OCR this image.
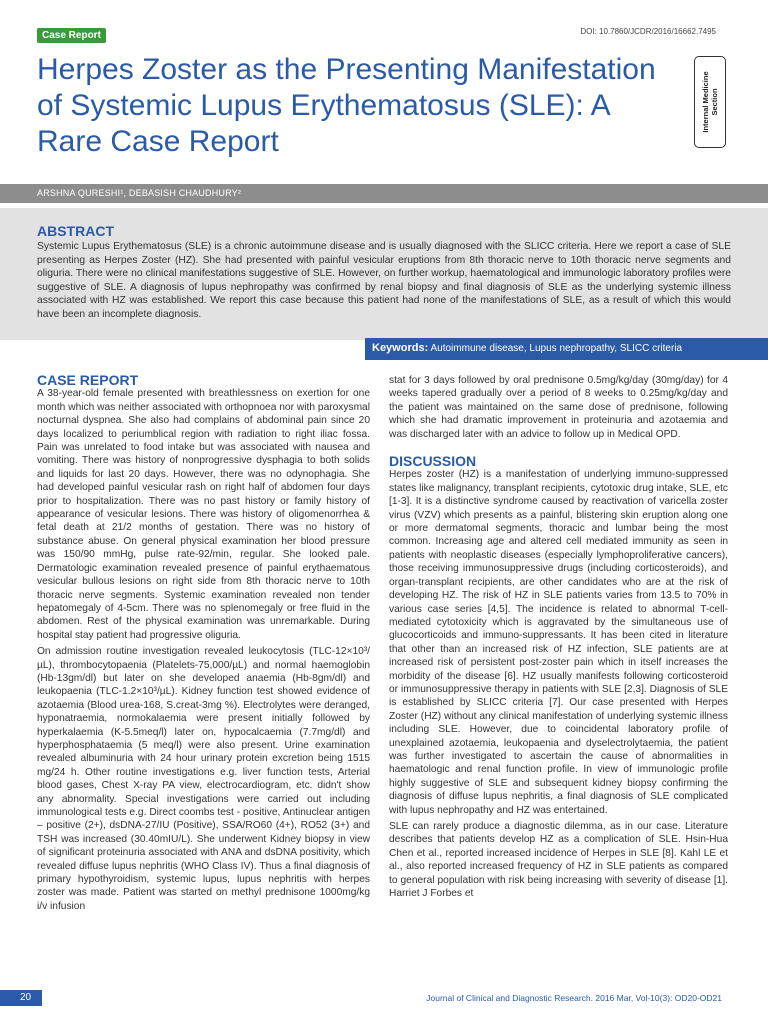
Case Report	DOI: 10.7860/JCDR/2016/16662.7495
Herpes Zoster as the Presenting Manifestation of Systemic Lupus Erythematosus (SLE): A Rare Case Report
Internal Medicine Section
ARSHNA QURESHI¹, DEBASISH CHAUDHURY²
ABSTRACT
Systemic Lupus Erythematosus (SLE) is a chronic autoimmune disease and is usually diagnosed with the SLICC criteria. Here we report a case of SLE presenting as Herpes Zoster (HZ). She had presented with painful vesicular eruptions from 8th thoracic nerve to 10th thoracic nerve segments and oliguria. There were no clinical manifestations suggestive of SLE. However, on further workup, haematological and immunologic laboratory profiles were suggestive of SLE. A diagnosis of lupus nephropathy was confirmed by renal biopsy and final diagnosis of SLE as the underlying systemic illness associated with HZ was established. We report this case because this patient had none of the manifestations of SLE, as a result of which this would have been an incomplete diagnosis.
Keywords: Autoimmune disease, Lupus nephropathy, SLICC criteria
CASE REPORT

A 38-year-old female presented with breathlessness on exertion for one month which was neither associated with orthopnoea nor with paroxysmal nocturnal dyspnea. She also had complains of abdominal pain since 20 days localized to periumblical region with radiation to right iliac fossa. Pain was unrelated to food intake but was associated with nausea and vomiting. There was history of nonprogressive dysphagia to both solids and liquids for last 20 days. However, there was no odynophagia. She had developed painful vesicular rash on right half of abdomen four days prior to hospitalization. There was no past history or family history of appearance of vesicular lesions. There was history of oligomenorrhea & fetal death at 21/2 months of gestation. There was no history of substance abuse. On general physical examination her blood pressure was 150/90 mmHg, pulse rate-92/min, regular. She looked pale. Dermatologic examination revealed presence of painful erythaematous vesicular bullous lesions on right side from 8th thoracic nerve to 10th thoracic nerve segments. Systemic examination revealed non tender hepatomegaly of 4-5cm. There was no splenomegaly or free fluid in the abdomen. Rest of the physical examination was unremarkable. During hospital stay patient had progressive oliguria.

On admission routine investigation revealed leukocytosis (TLC-12×10³/µL), thrombocytopaenia (Platelets-75,000/µL) and normal haemoglobin (Hb-13gm/dl) but later on she developed anaemia (Hb-8gm/dl) and leukopaenia (TLC-1.2×10³/µL). Kidney function test showed evidence of azotaemia (Blood urea-168, S.creat-3mg %). Electrolytes were deranged, hyponatraemia, normokalaemia were present initially followed by hyperkalaemia (K-5.5meq/l) later on, hypocalcaemia (7.7mg/dl) and hyperphosphataemia (5 meq/l) were also present. Urine examination revealed albuminuria with 24 hour urinary protein excretion being 1515 mg/24 h. Other routine investigations e.g. liver function tests, Arterial blood gases, Chest X-ray PA view, electrocardiogram, etc. didn't show any abnormality. Special investigations were carried out including immunological tests e.g. Direct coombs test - positive, Antinuclear antigen – positive (2+), dsDNA-27/IU (Positive), SSA/RO60 (4+), RO52 (3+) and TSH was increased (30.40mIU/L). She underwent Kidney biopsy in view of significant proteinuria associated with ANA and dsDNA positivity, which revealed diffuse lupus nephritis (WHO Class IV). Thus a final diagnosis of primary hypothyroidism, systemic lupus, lupus nephritis with herpes zoster was made. Patient was started on methyl prednisone 1000mg/kg i/v infusion

stat for 3 days followed by oral prednisone 0.5mg/kg/day (30mg/day) for 4 weeks tapered gradually over a period of 8 weeks to 0.25mg/kg/day and the patient was maintained on the same dose of prednisone, following which she had dramatic improvement in proteinuria and azotaemia and was discharged later with an advice to follow up in Medical OPD.

DISCUSSION

Herpes zoster (HZ) is a manifestation of underlying immuno-suppressed states like malignancy, transplant recipients, cytotoxic drug intake, SLE, etc [1-3]. It is a distinctive syndrome caused by reactivation of varicella zoster virus (VZV) which presents as a painful, blistering skin eruption along one or more dermatomal segments, thoracic and lumbar being the most common. Increasing age and altered cell mediated immunity as seen in patients with neoplastic diseases (especially lymphoproliferative cancers), those receiving immunosuppressive drugs (including corticosteroids), and organ-transplant recipients, are other candidates who are at the risk of developing HZ. The risk of HZ in SLE patients varies from 13.5 to 70% in various case series [4,5]. The incidence is related to abnormal T-cell-mediated cytotoxicity which is aggravated by the simultaneous use of glucocorticoids and immuno-suppressants. It has been cited in literature that other than an increased risk of HZ infection, SLE patients are at increased risk of persistent post-zoster pain which in itself increases the morbidity of the disease [6]. HZ usually manifests following corticosteroid or immunosuppressive therapy in patients with SLE [2,3]. Diagnosis of SLE is established by SLICC criteria [7]. Our case presented with Herpes Zoster (HZ) without any clinical manifestation of underlying systemic illness including SLE. However, due to coincidental laboratory profile of unexplained azotaemia, leukopaenia and dyselectrolytaemia, the patient was further investigated to ascertain the cause of abnormalities in haematologic and renal function profile. In view of immunologic profile highly suggestive of SLE and subsequent kidney biopsy confirming the diagnosis of diffuse lupus nephritis, a final diagnosis of SLE complicated with lupus nephropathy and HZ was entertained.

SLE can rarely produce a diagnostic dilemma, as in our case. Literature describes that patients develop HZ as a complication of SLE. Hsin-Hua Chen et al., reported increased incidence of Herpes in SLE [8]. Kahl LE et al., also reported increased frequency of HZ in SLE patients as compared to general population with risk being increasing with severity of disease [1]. Harriet J Forbes et

20	Journal of Clinical and Diagnostic Research. 2016 Mar, Vol-10(3): OD20-OD21
